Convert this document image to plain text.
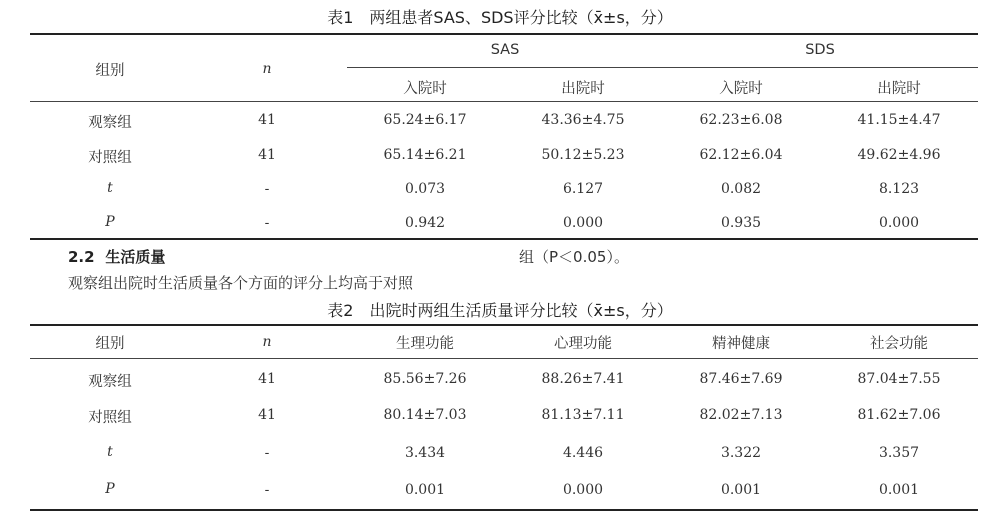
表1　两组患者SAS、SDS评分比较（x̄±s，分）
组别	n
SAS	SDS
入院时	出院时	入院时	出院时
观察组	41	65.24±6.17	43.36±4.75	62.23±6.08	41.15±4.47
对照组	41	65.14±6.21	50.12±5.23	62.12±6.04	49.62±4.96
t	-	0.073	6.127	0.082	8.123
P	-	0.942	0.000	0.935	0.000
2.2 生活质量	组（P＜0.05）。
观察组出院时生活质量各个方面的评分上均高于对照
表2　出院时两组生活质量评分比较（x̄±s，分）
组别	n	生理功能	心理功能	精神健康	社会功能
观察组	41	85.56±7.26	88.26±7.41	87.46±7.69	87.04±7.55
对照组	41	80.14±7.03	81.13±7.11	82.02±7.13	81.62±7.06
t	-	3.434	4.446	3.322	3.357
P	-	0.001	0.000	0.001	0.001
